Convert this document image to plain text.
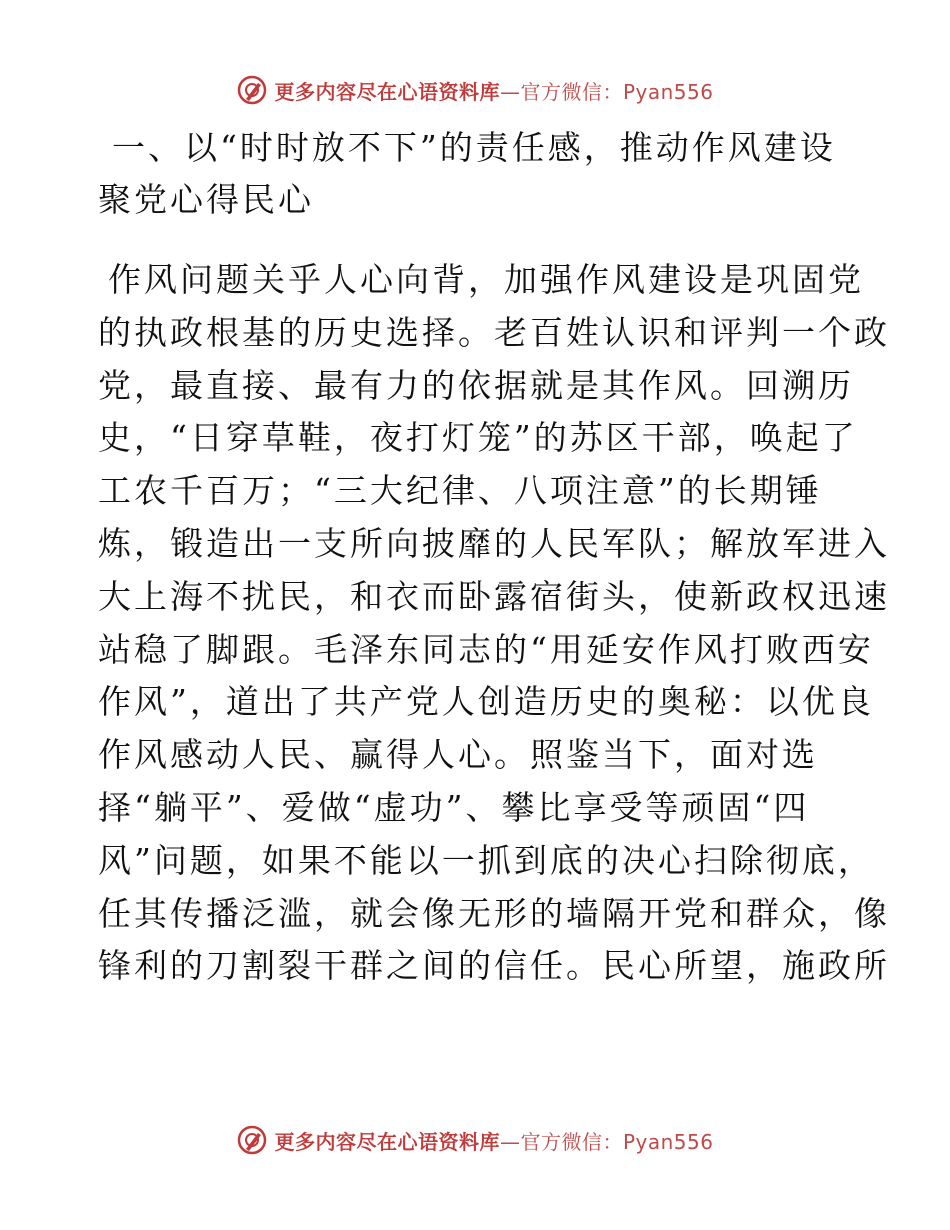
更多内容尽在心语资料库—官方微信：Pyan556
一、以“时时放不下”的责任感，推动作风建设
聚党心得民心

作风问题关乎人心向背，加强作风建设是巩固党
的执政根基的历史选择。老百姓认识和评判一个政
党，最直接、最有力的依据就是其作风。回溯历
史，“日穿草鞋，夜打灯笼”的苏区干部，唤起了
工农千百万；“三大纪律、八项注意”的长期锤
炼，锻造出一支所向披靡的人民军队；解放军进入
大上海不扰民，和衣而卧露宿街头，使新政权迅速
站稳了脚跟。毛泽东同志的“用延安作风打败西安
作风”，道出了共产党人创造历史的奥秘：以优良
作风感动人民、赢得人心。照鉴当下，面对选
择“躺平”、爱做“虚功”、攀比享受等顽固“四
风”问题，如果不能以一抓到底的决心扫除彻底，
任其传播泛滥，就会像无形的墙隔开党和群众，像
锋利的刀割裂干群之间的信任。民心所望，施政所

更多内容尽在心语资料库—官方微信：Pyan556
